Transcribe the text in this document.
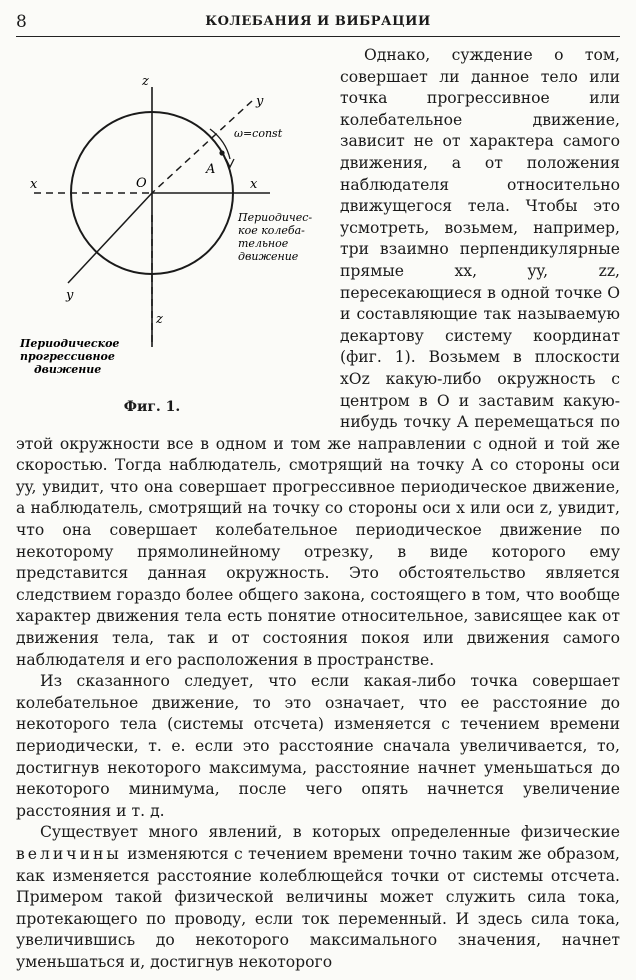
8	КОЛЕБАНИЯ И ВИБРАЦИИ
z
z
x	x
y
y
O
A
ω=const
Периодичес-
кое колеба-
тельное
движение
Периодическое
прогрессивное
движение
Фиг. 1.

Однако, суждение о том, совершает ли данное тело или точка прогрессивное или колебательное движение, зависит не от характера самого движения, а от положения наблюдателя относительно движущегося тела. Чтобы это усмотреть, возьмем, например, три взаимно перпендикулярные прямые xx, yy, zz, пересекающиеся в одной точке O и составляющие так называемую декартову систему координат (фиг. 1). Возьмем в плоскости xOz какую-либо окружность с центром в O и заставим какую-нибудь точку A перемещаться по этой окружности все в одном и том же направлении с одной и той же скоростью. Тогда наблюдатель, смотрящий на точку A со стороны оси yy, увидит, что она совершает прогрессивное периодическое движение, а наблюдатель, смотрящий на точку со стороны оси x или оси z, увидит, что она совершает колебательное периодическое движение по некоторому прямолинейному отрезку, в виде которого ему представится данная окружность. Это обстоятельство является следствием гораздо более общего закона, состоящего в том, что вообще характер движения тела есть понятие относительное, зависящее как от движения тела, так и от состояния покоя или движения самого наблюдателя и его расположения в пространстве.

Из сказанного следует, что если какая-либо точка совершает колебательное движение, то это означает, что ее расстояние до некоторого тела (системы отсчета) изменяется с течением времени периодически, т. е. если это расстояние сначала увеличивается, то, достигнув некоторого максимума, расстояние начнет уменьшаться до некоторого минимума, после чего опять начнется увеличение расстояния и т. д.

Существует много явлений, в которых определенные физические величины изменяются с течением времени точно таким же образом, как изменяется расстояние колеблющейся точки от системы отсчета. Примером такой физической величины может служить сила тока, протекающего по проводу, если ток переменный. И здесь сила тока, увеличившись до некоторого максимального значения, начнет уменьшаться и, достигнув некоторого
